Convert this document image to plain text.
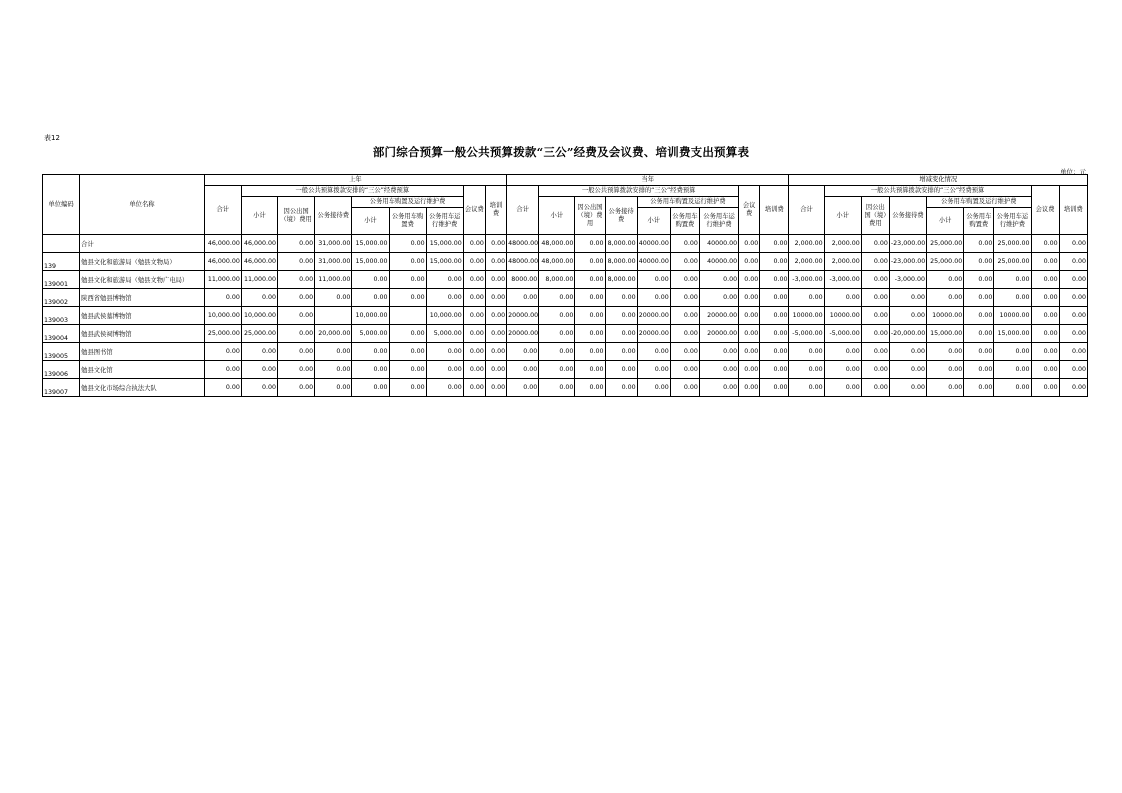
表12
部门综合预算一般公共预算拨款“三公”经费及会议费、培训费支出预算表
单位：元
单位编码	单位名称	上年									当年									增减变化情况								
		合计	一般公共预算拨款安排的“三公”经费预算						会议费	培训费	合计	一般公共预算拨款安排的“三公”经费预算						会议费	培训费	合计	一般公共预算拨款安排的“三公”经费预算						会议费	培训费
			小计	因公出国（境）费用	公务接待费	公务用车购置及运行维护费						小计	因公出国（境）费用	公务接待费	公务用车购置及运行维护费						小计	因公出国（境）费用	公务接待费	公务用车购置及运行维护费				
						小计	公务用车购置费	公务用车运行维护费							小计	公务用车购置费	公务用车运行维护费							小计	公务用车购置费	公务用车运行维护费		
	合计	46,000.00	46,000.00	0.00	31,000.00	15,000.00	0.00	15,000.00	0.00	0.00	48000.00	48,000.00	0.00	8,000.00	40000.00	0.00	40000.00	0.00	0.00	2,000.00	2,000.00	0.00	-23,000.00	25,000.00	0.00	25,000.00	0.00	0.00
139	勉县文化和旅游局（勉县文物局）	46,000.00	46,000.00	0.00	31,000.00	15,000.00	0.00	15,000.00	0.00	0.00	48000.00	48,000.00	0.00	8,000.00	40000.00	0.00	40000.00	0.00	0.00	2,000.00	2,000.00	0.00	-23,000.00	25,000.00	0.00	25,000.00	0.00	0.00
139001	勉县文化和旅游局（勉县文物广电局）	11,000.00	11,000.00	0.00	11,000.00	0.00	0.00	0.00	0.00	0.00	8000.00	8,000.00	0.00	8,000.00	0.00	0.00	0.00	0.00	0.00	-3,000.00	-3,000.00	0.00	-3,000.00	0.00	0.00	0.00	0.00	0.00
139002	陕西省勉县博物馆	0.00	0.00	0.00	0.00	0.00	0.00	0.00	0.00	0.00	0.00	0.00	0.00	0.00	0.00	0.00	0.00	0.00	0.00	0.00	0.00	0.00	0.00	0.00	0.00	0.00	0.00	0.00
139003	勉县武侯墓博物馆	10,000.00	10,000.00	0.00		10,000.00		10,000.00	0.00	0.00	20000.00	0.00	0.00	0.00	20000.00	0.00	20000.00	0.00	0.00	10000.00	10000.00	0.00	0.00	10000.00	0.00	10000.00	0.00	0.00
139004	勉县武侯祠博物馆	25,000.00	25,000.00	0.00	20,000.00	5,000.00	0.00	5,000.00	0.00	0.00	20000.00	0.00	0.00	0.00	20000.00	0.00	20000.00	0.00	0.00	-5,000.00	-5,000.00	0.00	-20,000.00	15,000.00	0.00	15,000.00	0.00	0.00
139005	勉县图书馆	0.00	0.00	0.00	0.00	0.00	0.00	0.00	0.00	0.00	0.00	0.00	0.00	0.00	0.00	0.00	0.00	0.00	0.00	0.00	0.00	0.00	0.00	0.00	0.00	0.00	0.00	0.00
139006	勉县文化馆	0.00	0.00	0.00	0.00	0.00	0.00	0.00	0.00	0.00	0.00	0.00	0.00	0.00	0.00	0.00	0.00	0.00	0.00	0.00	0.00	0.00	0.00	0.00	0.00	0.00	0.00	0.00
139007	勉县文化市场综合执法大队	0.00	0.00	0.00	0.00	0.00	0.00	0.00	0.00	0.00	0.00	0.00	0.00	0.00	0.00	0.00	0.00	0.00	0.00	0.00	0.00	0.00	0.00	0.00	0.00	0.00	0.00	0.00
